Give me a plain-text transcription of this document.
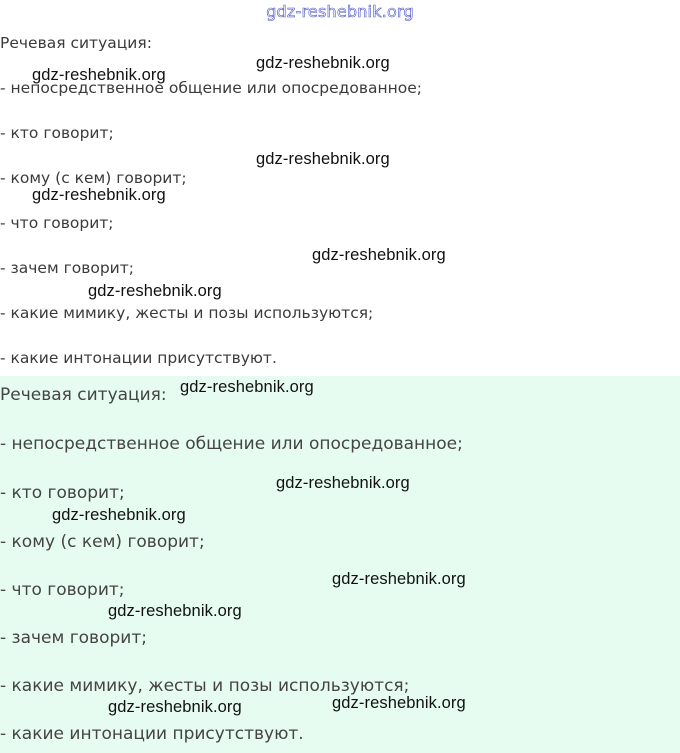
Речевая ситуация:
- непосредственное общение или опосредованное;
- кто говорит;
- кому (с кем) говорит;
- что говорит;
- зачем говорит;
- какие мимику, жесты и позы используются;
- какие интонации присутствуют.
Речевая ситуация:
- непосредственное общение или опосредованное;
- кто говорит;
- кому (с кем) говорит;
- что говорит;
- зачем говорит;
- какие мимику, жесты и позы используются;
- какие интонации присутствуют.
gdz-reshebnik.org
gdz-reshebnik.org
gdz-reshebnik.org
gdz-reshebnik.org
gdz-reshebnik.org
gdz-reshebnik.org
gdz-reshebnik.org
gdz-reshebnik.org
gdz-reshebnik.org
gdz-reshebnik.org
gdz-reshebnik.org
gdz-reshebnik.org
gdz-reshebnik.org
gdz-reshebnik.org
